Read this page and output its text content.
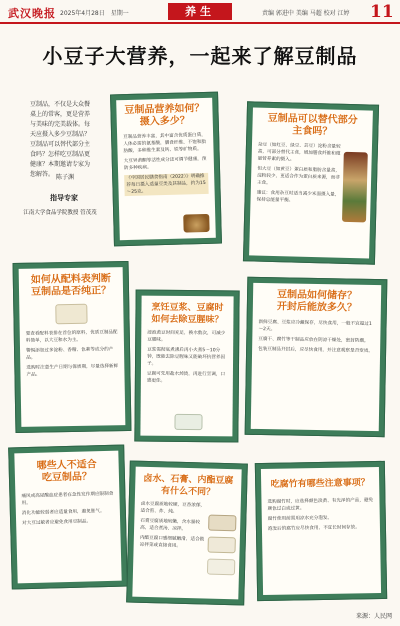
武汉晚报 2025年4月28日　星期一	养生	责编 郭进中 美编 马超 校对 江婷 11
小豆子大营养，一起来了解豆制品
豆制品，不仅是大众餐桌上的常客，更是营养与美味的完美载体。每天应摄入多少豆制品？豆制品可以替代部分主食吗？怎样吃豆制品更健康？本期邀请专家为您解答。 陈子渊
指导专家
江南大学食品学院教授 管茂茂
豆制品营养如何？
摄入多少？

豆制品营养丰富，其中富含优质蛋白质，人体必需的氨基酸，膳食纤维、不饱和脂肪酸，多种维生素及钙、铁等矿物质。

大豆异黄酮等活性成分还可调节健康，预防多种疾病。

《中国居民膳食指南（2022）》明确推荐每日摄入适量豆类及其制品，约为15～25克。

豆制品可以替代部分
主食吗？

杂豆（如红豆、绿豆、芸豆）淀粉含量较高，可部分替代主食，增加膳食纤维和微量营养素的摄入。

但大豆（如黄豆）蛋白质和脂肪含量高，淀粉较少，更适合作为蛋白质来源，而非主食。

建议：食用杂豆时适当减少米面摄入量，保持总能量平衡。

如何从配料表判断
豆制品是否纯正？

要查看配料表排在首位的原料，优质豆制品配料简单，以大豆和水为主。

警惕添加过多淀粉、香精、色素等成分的产品。

选购时注意生产日期与保质期，尽量选择新鲜产品。

烹饪豆浆、豆腐时
如何去除豆腥味？

浸泡黄豆时间充足，换水数次，可减少豆腥味。

豆浆需彻底煮沸后再小火煮5～10分钟，既能去除豆腥味又能破坏抗营养因子。

豆腐可先用盐水焯烫，再进行烹调，口感更佳。

豆制品如何储存？
开封后能放多久？

新鲜豆腐、豆浆应冷藏保存，尽快食用，一般不宜超过1～2天。

豆腐干、腐竹等干制品应放在阴凉干燥处，密封防潮。

包装豆制品开封后，应尽快食用，并注意观察是否变质。

哪些人不适合
吃豆制品？

痛风或高尿酸血症患者在急性发作期应限制食用。

消化功能较弱者应适量食用，避免胀气。

对大豆过敏者应避免食用豆制品。

卤水、石膏、内酯豆腐
有什么不同？

卤水豆腐质地较硬，豆香浓郁，适合煎、炸、炖。

石膏豆腐质地较嫩，含水量较高，适合煮汤、凉拌。

内酯豆腐口感细腻嫩滑，适合做凉拌菜或直接食用。

吃腐竹有哪些注意事项？

选购腐竹时，应选择颜色淡黄、有光泽的产品，避免颜色过白或过黄。

腐竹使用前需用凉水充分泡发。

泡发后的腐竹应尽快食用，不宜长时间存放。

来源：人民网
